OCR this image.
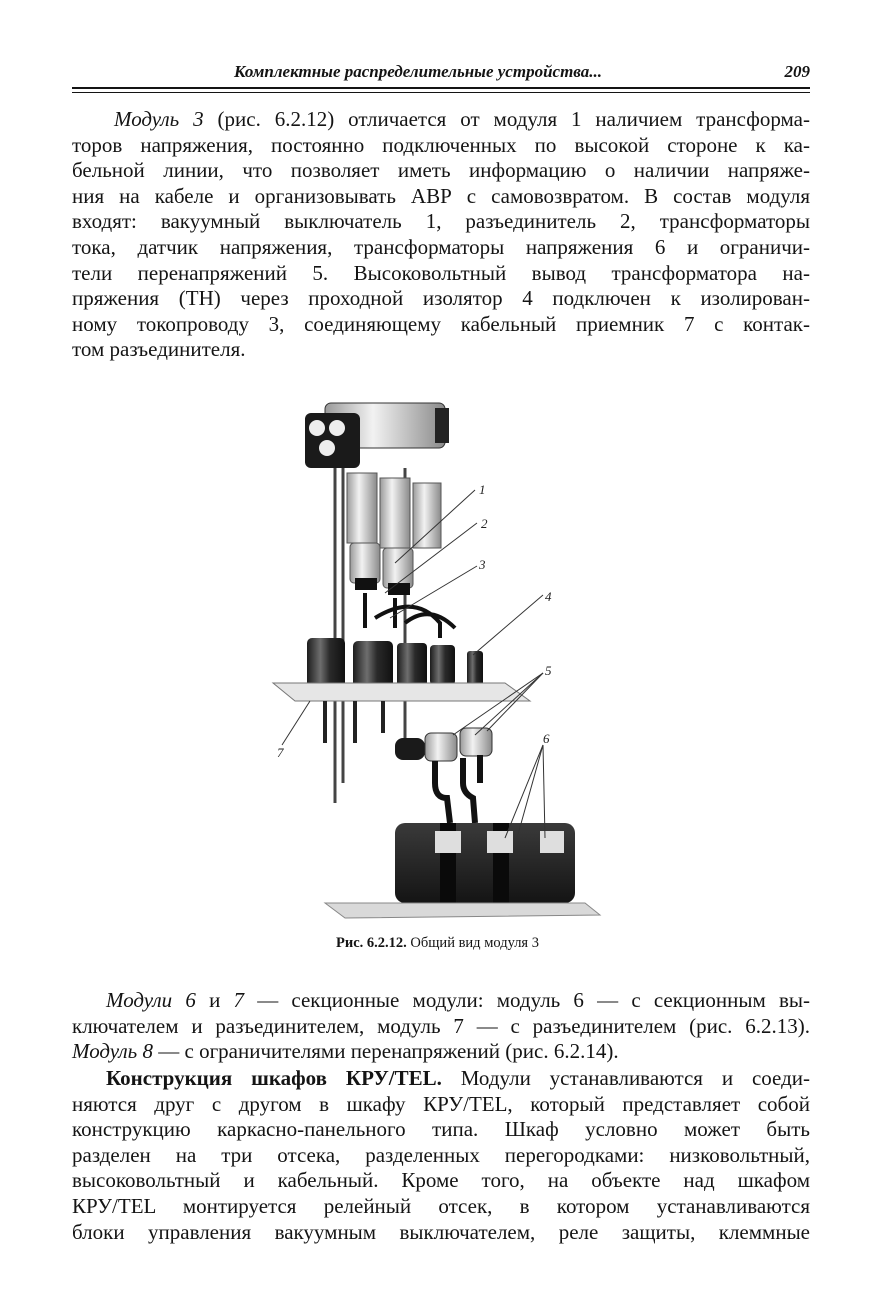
Комплектные распределительные устройства...	209
Модуль 3 (рис. 6.2.12) отличается от модуля 1 наличием трансформа-
торов напряжения, постоянно подключенных по высокой стороне к ка-
бельной линии, что позволяет иметь информацию о наличии напряже-
ния на кабеле и организовывать АВР с самовозвратом. В состав модуля
входят: вакуумный выключатель 1, разъединитель 2, трансформаторы
тока, датчик напряжения, трансформаторы напряжения 6 и ограничи-
тели перенапряжений 5. Высоковольтный вывод трансформатора на-
пряжения (ТН) через проходной изолятор 4 подключен к изолирован-
ному токопроводу 3, соединяющему кабельный приемник 7 с контак-
том разъединителя.
1
2
3
4
5
6
7
Рис. 6.2.12. Общий вид модуля 3
Модули 6 и 7 — секционные модули: модуль 6 — с секционным вы-
ключателем и разъединителем, модуль 7 — с разъединителем (рис. 6.2.13).
Модуль 8 — с ограничителями перенапряжений (рис. 6.2.14).
Конструкция шкафов КРУ/TEL. Модули устанавливаются и соеди-
няются друг с другом в шкафу КРУ/TEL, который представляет собой
конструкцию каркасно-панельного типа. Шкаф условно может быть
разделен на три отсека, разделенных перегородками: низковольтный,
высоковольтный и кабельный. Кроме того, на объекте над шкафом
КРУ/TEL монтируется релейный отсек, в котором устанавливаются
блоки управления вакуумным выключателем, реле защиты, клеммные
